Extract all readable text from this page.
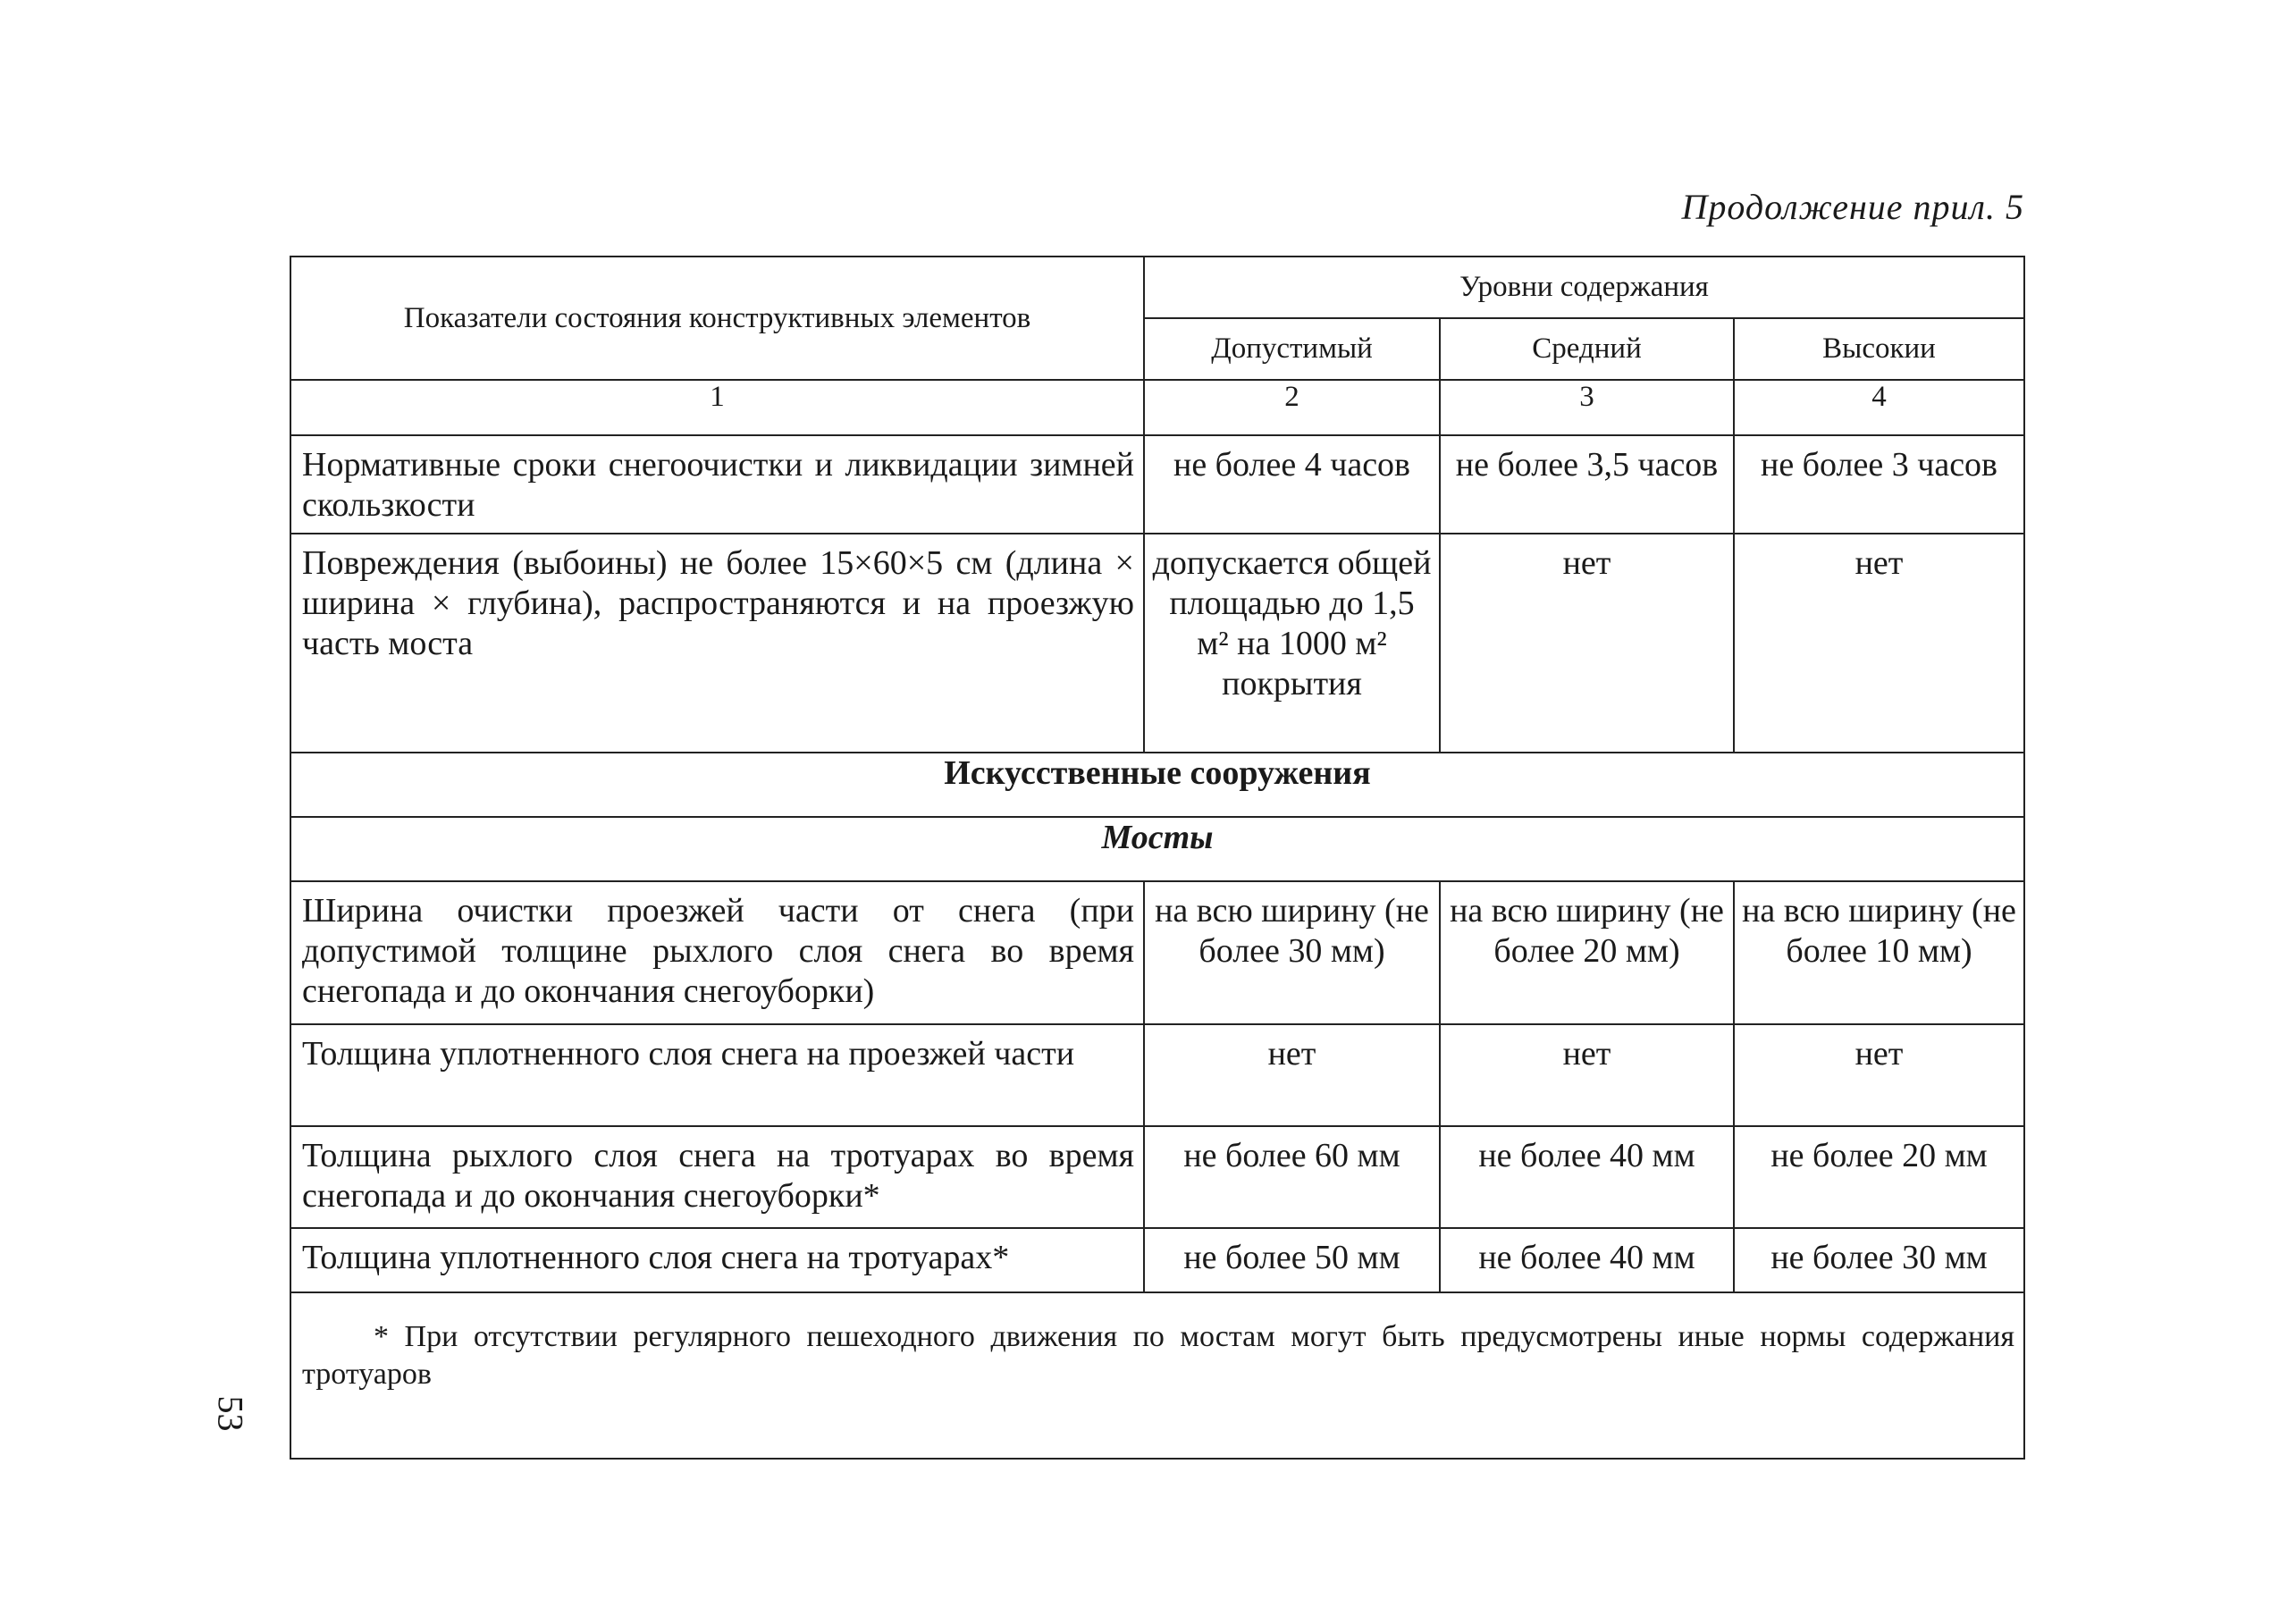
Продолжение прил. 5
53
Показатели состояния конструктивных элементов	Уровни содержания		
	Допустимый	Средний	Высокии
1	2	3	4
Нормативные сроки снегоочистки и ликвидации зимней скользкости	не более 4 часов	не более 3,5 часов	не более 3 часов
Повреждения (выбоины) не более 15×60×5 см (длина × ширина × глубина), распространяются и на проезжую часть моста	допускается общей площадью до 1,5 м² на 1000 м² покрытия	нет	нет
Искусственные сооружения			
Мосты			
Ширина очистки проезжей части от снега (при допустимой толщине рыхлого слоя снега во время снегопада и до окончания снегоуборки)	на всю ширину (не более 30 мм)	на всю ширину (не более 20 мм)	на всю ширину (не более 10 мм)
Толщина уплотненного слоя снега на проезжей части	нет	нет	нет
Толщина рыхлого слоя снега на тротуарах во время снегопада и до окончания снегоуборки*	не более 60 мм	не более 40 мм	не более 20 мм
Толщина уплотненного слоя снега на тротуарах*	не более 50 мм	не более 40 мм	не более 30 мм
* При отсутствии регулярного пешеходного движения по мостам могут быть предусмотрены иные нормы содержания тротуаров			
